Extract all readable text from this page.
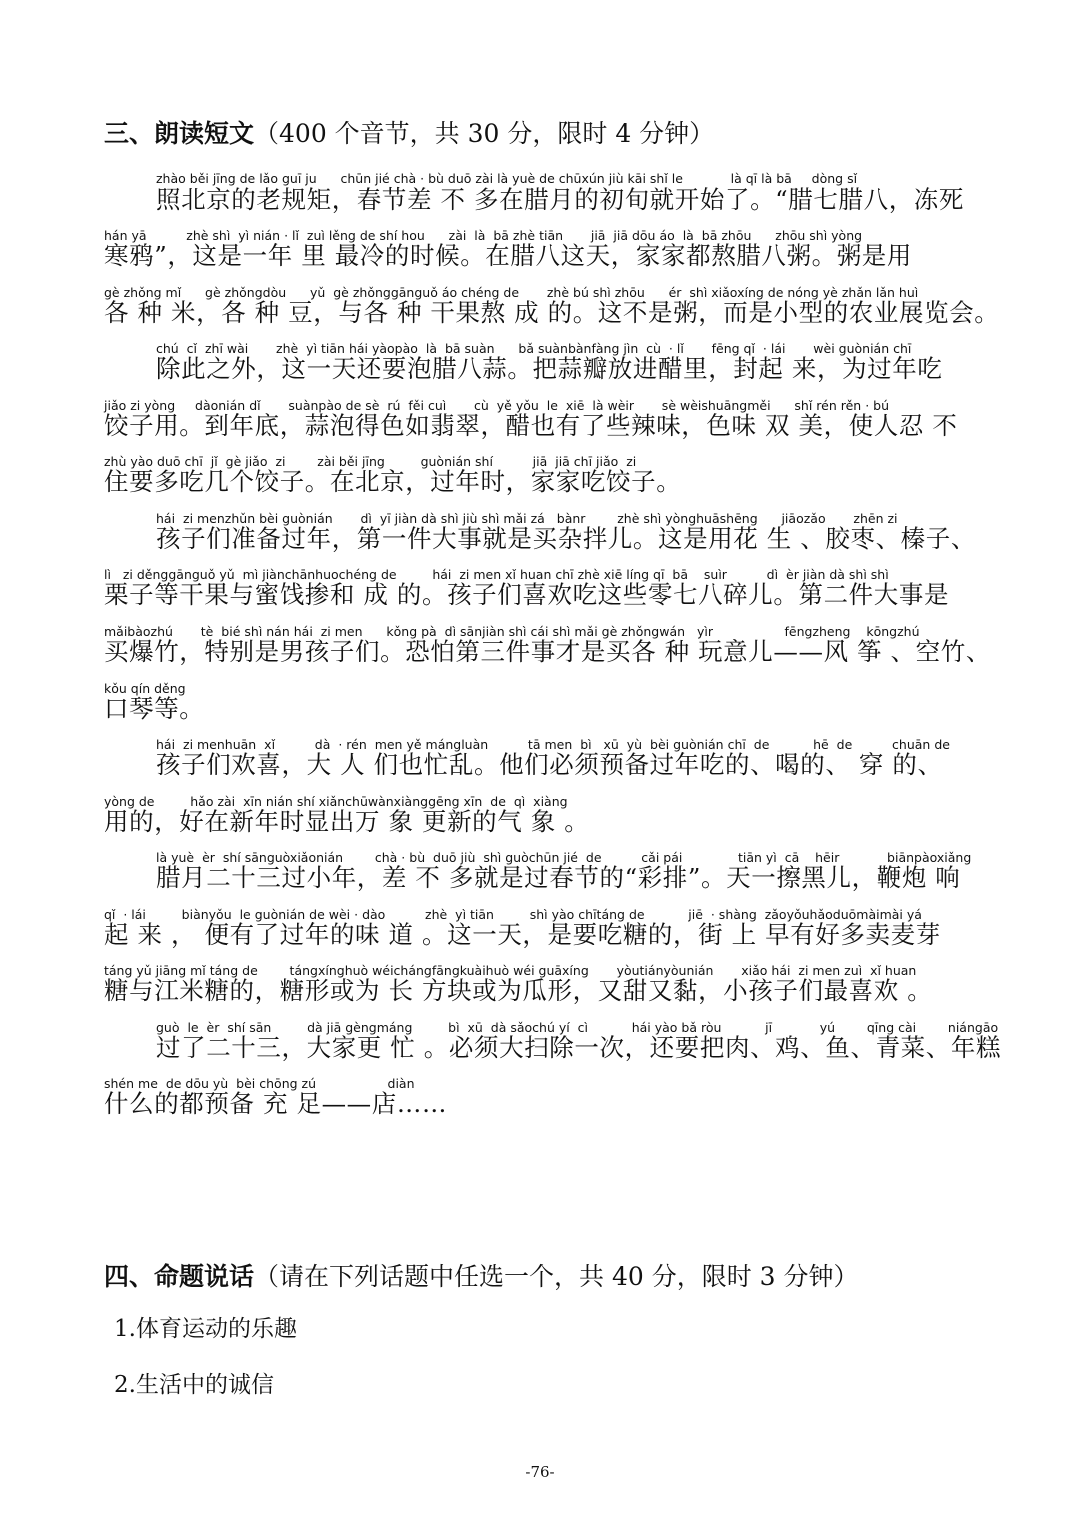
三、朗读短文（400 个音节，共 30 分，限时 4 分钟）
zhào běi jīng de lǎo guī ju      chūn jié chà · bù duō zài là yuè de chūxún jiù kāi shǐ le            là qī là bā     dòng sǐ
照北京的老规矩，春节差 不 多在腊月的初旬就开始了。“腊七腊八，冻死
hán yā          zhè shì  yì nián · lǐ  zuì lěng de shí hou      zài  là  bā zhè tiān       jiā  jiā dōu áo  là  bā zhōu      zhōu shì yòng
寒鸦”，这是一年 里 最冷的时候。在腊八这天，家家都熬腊八粥。粥是用
gè zhǒng mǐ      gè zhǒngdòu      yǔ  gè zhǒnggānguǒ áo chéng de       zhè bú shì zhōu      ér  shì xiǎoxíng de nóng yè zhǎn lǎn huì
各 种 米，各 种 豆，与各 种 干果熬 成 的。这不是粥，而是小型的农业展览会。
chú  cǐ  zhī wài       zhè  yì tiān hái yàopào  là  bā suàn      bǎ suànbànfàng jìn  cù  · lǐ       fēng qǐ  · lái       wèi guònián chī
除此之外，这一天还要泡腊八蒜。把蒜瓣放进醋里，封起 来，为过年吃
jiǎo zi yòng     dàonián dǐ       suànpào de sè  rú  fěi cuì       cù  yě yǒu  le  xiē  là wèir       sè wèishuāngměi      shǐ rén rěn · bú
饺子用。到年底，蒜泡得色如翡翠，醋也有了些辣味，色味 双 美，使人忍 不
zhù yào duō chī  jǐ  gè jiǎo  zi        zài běi jīng         guònián shí          jiā  jiā chī jiǎo  zi
住要多吃几个饺子。在北京，过年时，家家吃饺子。
hái  zi menzhǔn bèi guònián       dì  yī jiàn dà shì jiù shì mǎi zá   bànr        zhè shì yònghuāshēng      jiāozǎo       zhēn zi
孩子们准备过年，第一件大事就是买杂拌儿。这是用花 生 、胶枣、榛子、
lì   zi děnggānguǒ yǔ  mì jiànchānhuochéng de         hái  zi men xǐ huan chī zhè xiē líng qī  bā    suìr          dì  èr jiàn dà shì shì
栗子等干果与蜜饯掺和 成 的。孩子们喜欢吃这些零七八碎儿。第二件大事是
mǎibàozhú       tè  bié shì nán hái  zi men      kǒng pà  dì sānjiàn shì cái shì mǎi gè zhǒngwán   yìr                  fēngzheng    kōngzhú
买爆竹，特别是男孩子们。恐怕第三件事才是买各 种 玩意儿——风 筝 、空竹、
kǒu qín děng
口琴等。
hái  zi menhuān  xǐ          dà  · rén  men yě mángluàn          tā men  bì   xū  yù  bèi guònián chī  de           hē  de          chuān de
孩子们欢喜，大 人 们也忙乱。他们必须预备过年吃的、喝的、 穿 的、
yòng de         hǎo zài  xīn nián shí xiǎnchūwànxiànggēng xīn  de  qì  xiàng
用的，好在新年时显出万 象 更新的气 象 。
là yuè  èr  shí sānguòxiǎonián        chà · bù  duō jiù  shì guòchūn jié  de          cǎi pái              tiān yì  cā    hēir            biānpàoxiǎng
腊月二十三过小年，差 不 多就是过春节的“彩排”。天一擦黑儿，鞭炮 响
qǐ  · lái         biànyǒu  le guònián de wèi · dào          zhè  yì tiān         shì yào chītáng de           jiē  · shàng  zǎoyǒuhǎoduōmàimài yá
起 来 ， 便有了过年的味 道 。这一天，是要吃糖的，街 上 早有好多卖麦芽
táng yǔ jiāng mǐ táng de        tángxínghuò wéichángfāngkuàihuò wéi guāxíng       yòutiányòunián       xiǎo hái  zi men zuì  xǐ huan
糖与江米糖的，糖形或为 长 方块或为瓜形，又甜又黏，小孩子们最喜欢 。
guò  le  èr  shí sān         dà jiā gèngmáng         bì  xū  dà sǎochú yí  cì           hái yào bǎ ròu           jī            yú        qīng cài        niángāo
过了二十三，大家更 忙 。必须大扫除一次，还要把肉、鸡、鱼、青菜、年糕
shén me  de dōu yù  bèi chōng zú                  diàn
什么的都预备 充 足——店……
四、命题说话（请在下列话题中任选一个，共 40 分，限时 3 分钟）
1.体育运动的乐趣
2.生活中的诚信
-76-
